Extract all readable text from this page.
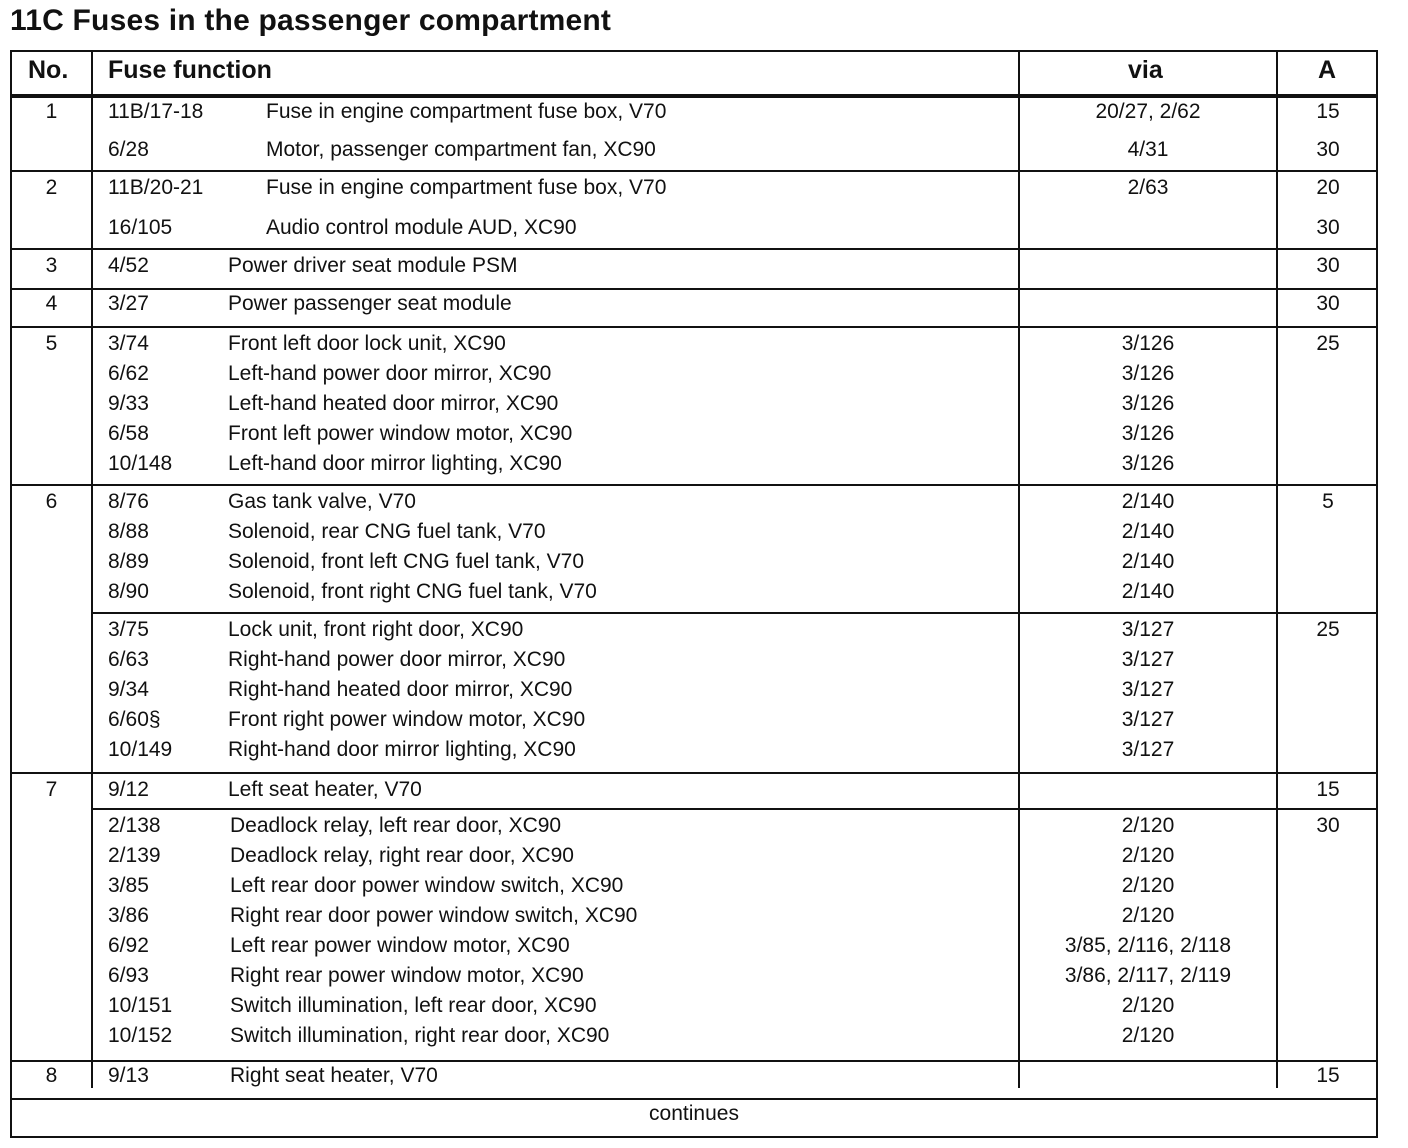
11C Fuses in the passenger compartment
No. Fuse function	via	A
1	11B/17-18	Fuse in engine compartment fuse box, V70	20/27, 2/62	15
6/28	Motor, passenger compartment fan, XC90	4/31	30
2	11B/20-21	Fuse in engine compartment fuse box, V70	2/63	20
16/105	Audio control module AUD, XC90	30
3	4/52	Power driver seat module PSM	30
4	3/27	Power passenger seat module	30
5	3/74	Front left door lock unit, XC90	3/126	25
6/62	Left-hand power door mirror, XC90	3/126
9/33	Left-hand heated door mirror, XC90	3/126
6/58	Front left power window motor, XC90	3/126
10/148	Left-hand door mirror lighting, XC90	3/126
6	8/76	Gas tank valve, V70	2/140	5
8/88	Solenoid, rear CNG fuel tank, V70	2/140
8/89	Solenoid, front left CNG fuel tank, V70	2/140
8/90	Solenoid, front right CNG fuel tank, V70	2/140
3/75	Lock unit, front right door, XC90	3/127	25
6/63	Right-hand power door mirror, XC90	3/127
9/34	Right-hand heated door mirror, XC90	3/127
6/60§	Front right power window motor, XC90	3/127
10/149	Right-hand door mirror lighting, XC90	3/127
7	9/12	Left seat heater, V70	15
2/138	Deadlock relay, left rear door, XC90	2/120	30
2/139	Deadlock relay, right rear door, XC90	2/120
3/85	Left rear door power window switch, XC90	2/120
3/86	Right rear door power window switch, XC90	2/120
6/92	Left rear power window motor, XC90	3/85, 2/116, 2/118
6/93	Right rear power window motor, XC90	3/86, 2/117, 2/119
10/151	Switch illumination, left rear door, XC90	2/120
10/152	Switch illumination, right rear door, XC90	2/120
8	9/13	Right seat heater, V70	15
continues
